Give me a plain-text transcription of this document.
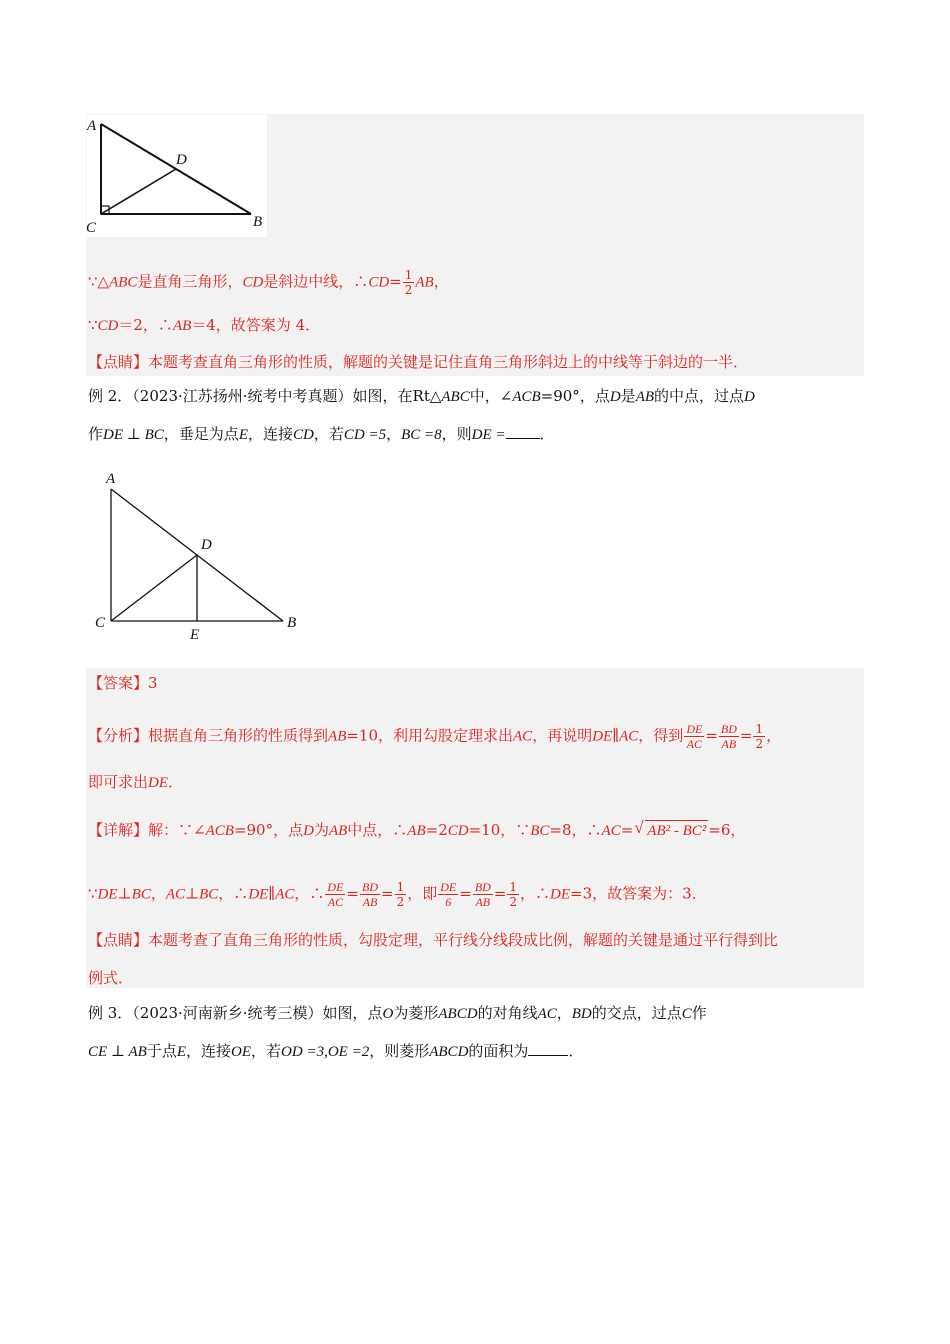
A
D
C	B
∵△ABC是直角三角形，CD是斜边中线，∴CD= $\frac{1}{2}$ AB，
∵CD＝2，∴AB＝4，故答案为 4．
【点睛】本题考查直角三角形的性质，解题的关键是记住直角三角形斜边上的中线等于斜边的一半．
例 2．（2023·江苏扬州·统考中考真题）如图，在Rt△ABC中，∠ACB=90°，点D是AB的中点，过点D
作DE ⊥ BC，垂足为点E，连接CD，若CD =5，BC =8，则DE = ．
A
D
C	B
E
【答案】3
【分析】根据直角三角形的性质得到AB=10，利用勾股定理求出AC，再说明DE∥AC，得到 $\frac{DE}{AC} = \frac{BD}{AB} = \frac{1}{2}$ ，
即可求出DE．
【详解】解：∵∠ACB=90°，点D为AB中点，∴AB=2CD=10，∵BC=8，∴AC=√ AB² - BC² =6，
∵DE⊥BC，AC⊥BC，∴DE∥AC，∴ $\frac{DE}{AC} = \frac{BD}{AB} = \frac{1}{2}$ ，即 $\frac{DE}{6} = \frac{BD}{AB} = \frac{1}{2}$ ，∴DE=3，故答案为：3．
【点睛】本题考查了直角三角形的性质，勾股定理，平行线分线段成比例，解题的关键是通过平行得到比
例式．
例 3．（2023·河南新乡·统考三模）如图，点O为菱形ABCD的对角线AC，BD的交点，过点C作
CE ⊥ AB于点E，连接OE，若OD =3,OE =2，则菱形ABCD的面积为	．
